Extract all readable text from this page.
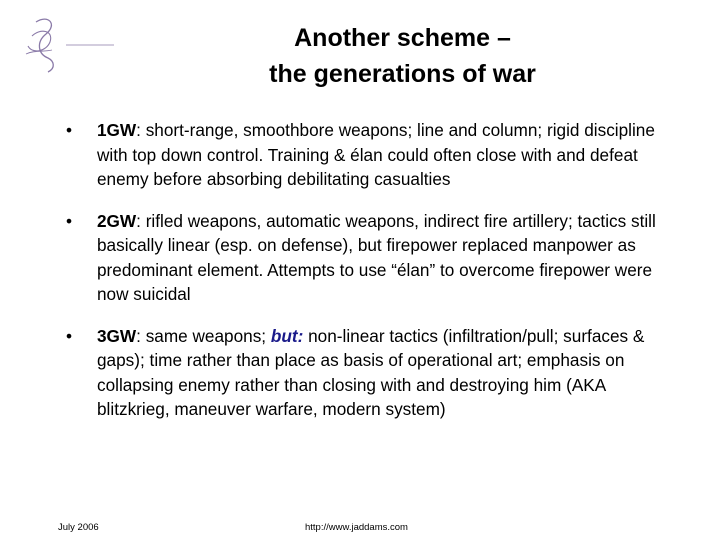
Another scheme –
the generations of war
• 1GW: short-range, smoothbore weapons; line and column; rigid discipline with top down control. Training & élan could often close with and defeat enemy before absorbing debilitating casualties
• 2GW: rifled weapons, automatic weapons, indirect fire artillery; tactics still basically linear (esp. on defense), but firepower replaced manpower as predominant element. Attempts to use “élan” to overcome firepower were now suicidal
• 3GW: same weapons; but: non-linear tactics (infiltration/pull; surfaces & gaps); time rather than place as basis of operational art; emphasis on collapsing enemy rather than closing with and destroying him (AKA blitzkrieg, maneuver warfare, modern system)
July 2006	http://www.jaddams.com
